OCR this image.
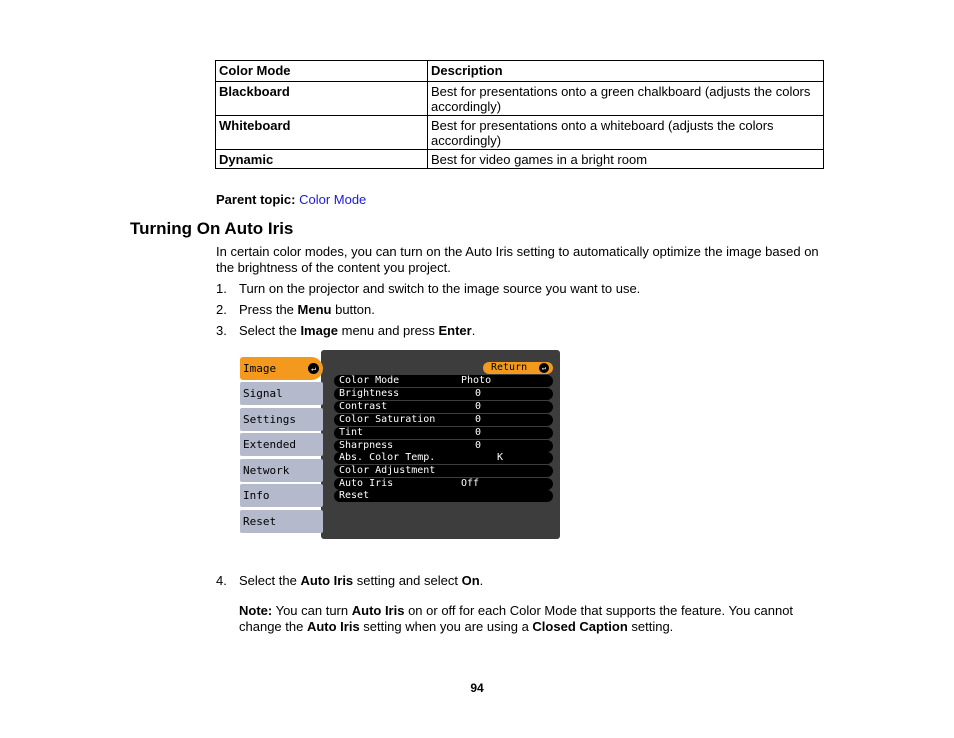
Color Mode	Description
Blackboard	Best for presentations onto a green chalkboard (adjusts the colors accordingly)
Whiteboard	Best for presentations onto a whiteboard (adjusts the colors accordingly)
Dynamic	Best for video games in a bright room
Parent topic: Color Mode
Turning On Auto Iris
In certain color modes, you can turn on the Auto Iris setting to automatically optimize the image based on the brightness of the content you project.
1. Turn on the projector and switch to the image source you want to use.
2. Press the Menu button.
3. Select the Image menu and press Enter.
Image	↵
Signal
Settings
Extended
Network
Info
Reset
Return	↵
Color Mode	Photo
Brightness	0
Contrast	0
Color Saturation	0
Tint	0
Sharpness	0
Abs. Color Temp.	K
Color Adjustment
Auto Iris	Off
Reset
4. Select the Auto Iris setting and select On.
Note: You can turn Auto Iris on or off for each Color Mode that supports the feature. You cannot change the Auto Iris setting when you are using a Closed Caption setting.
94
